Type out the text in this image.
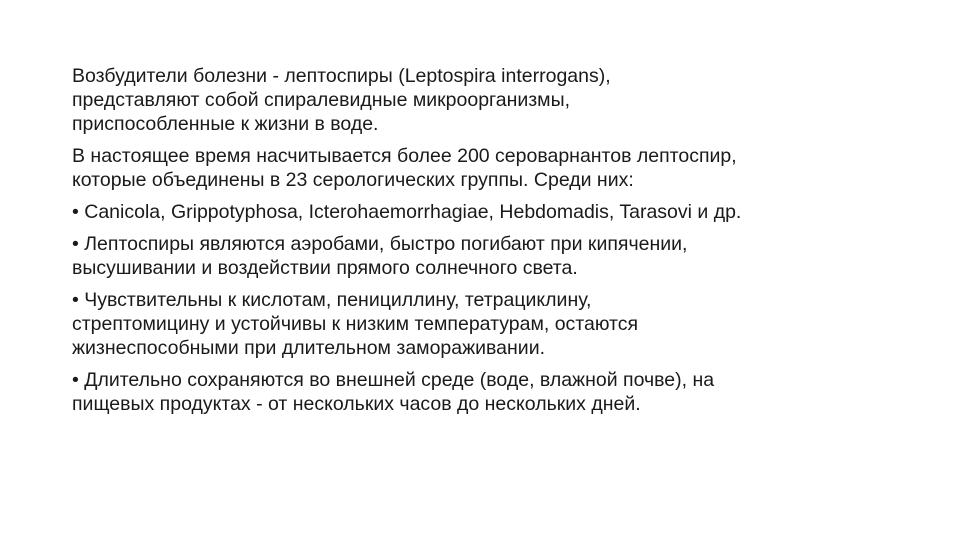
Возбудители болезни - лептоспиры (Leptospira interrogans),
представляют собой спиралевидные микроорганизмы,
приспособленные к жизни в воде.

В настоящее время насчитывается более 200 сероварнантов лептоспир,
которые объединены в 23 серологических группы. Среди них:

• Canicola, Grippotyphosa, Icterohaemorrhagiae, Hebdomadis, Tarasovi и др.

• Лептоспиры являются аэробами, быстро погибают при кипячении,
высушивании и воздействии прямого солнечного света.

• Чувствительны к кислотам, пенициллину, тетрациклину,
стрептомицину и устойчивы к низким температурам, остаются
жизнеспособными при длительном замораживании.

• Длительно сохраняются во внешней среде (воде, влажной почве), на
пищевых продуктах - от нескольких часов до нескольких дней.
